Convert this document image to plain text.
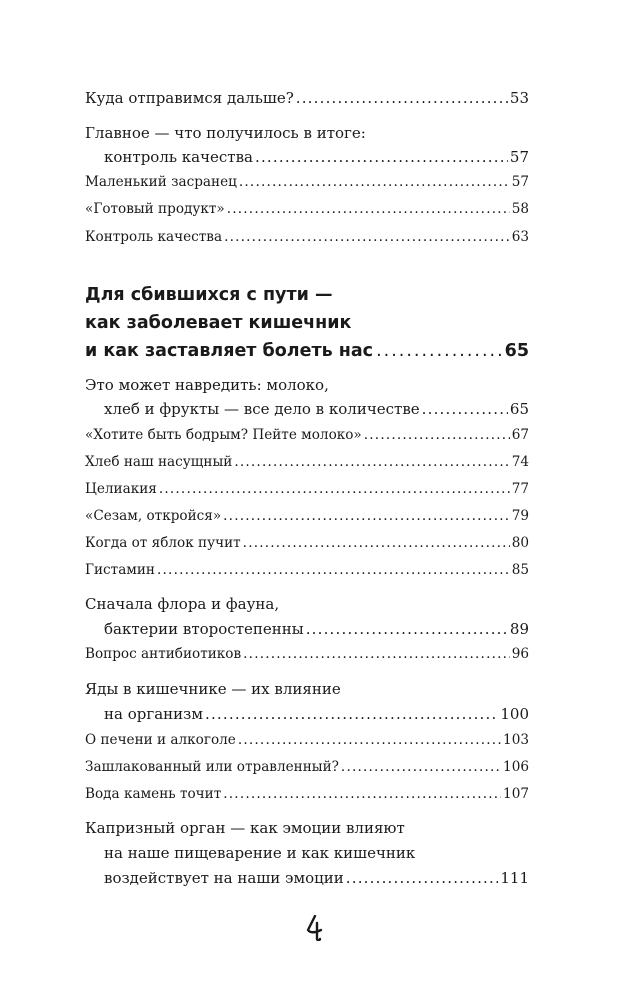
Куда отправимся дальше? .....	53
Главное — что получилось в итоге:
контроль качества .....	57
Маленький засранец .....	57
«Готовый продукт» .....	58
Контроль качества .....	63
Для сбившихся с пути —
как заболевает кишечник
и как заставляет болеть нас .....	65
Это может навредить: молоко,
хлеб и фрукты — все дело в количестве .....	65
«Хотите быть бодрым? Пейте молоко» .....	67
Хлеб наш насущный .....	74
Целиакия .....	77
«Сезам, откройся» .....	79
Когда от яблок пучит .....	80
Гистамин .....	85
Сначала флора и фауна,
бактерии второстепенны .....	89
Вопрос антибиотиков .....	96
Яды в кишечнике — их влияние
на организм .....	100
О печени и алкоголе .....	103
Зашлакованный или отравленный? .....	106
Вода камень точит .....	107
Капризный орган — как эмоции влияют
на наше пищеварение и как кишечник
воздействует на наши эмоции .....	111
